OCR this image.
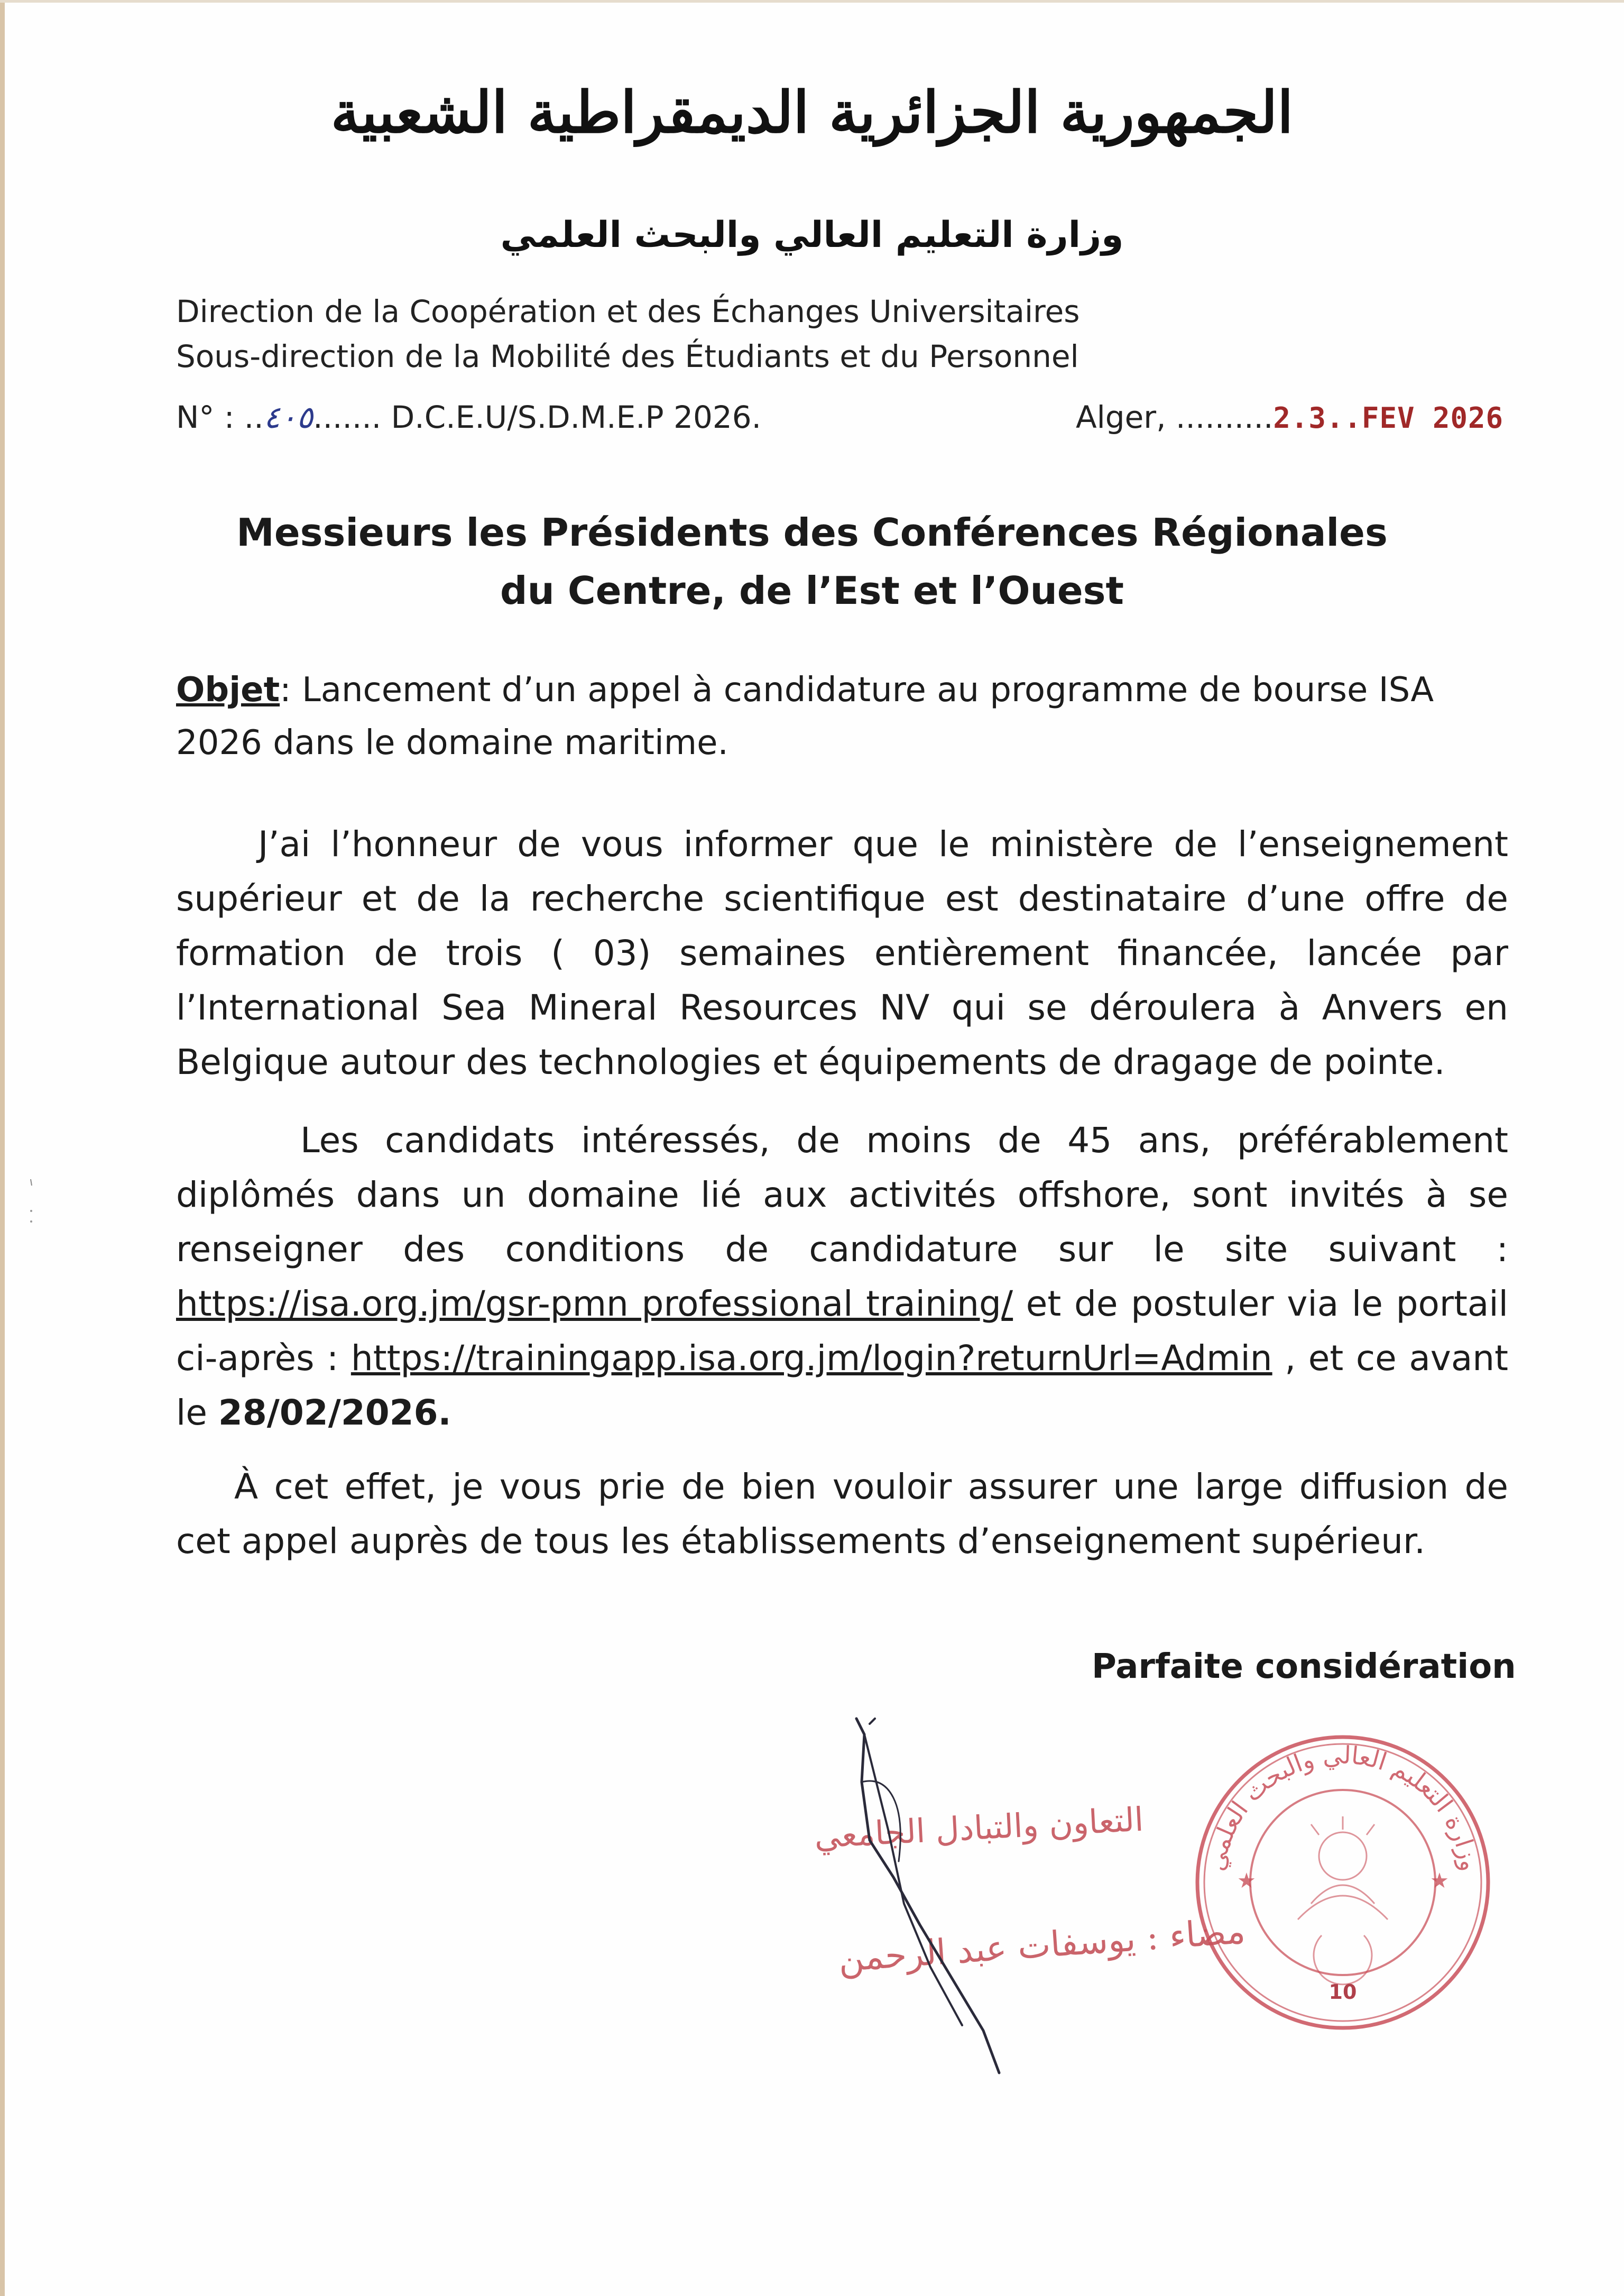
الجمهورية الجزائرية الديمقراطية الشعبية
وزارة التعليم العالي والبحث العلمي
Direction de la Coopération et des Échanges Universitaires
Sous-direction de la Mobilité des Étudiants et du Personnel
N° : ..٤٠٥....... D.C.E.U/S.D.M.E.P 2026.	Alger, ..........2.3..FEV 2026
Messieurs les Présidents des Conférences Régionales
du Centre, de l’Est et l’Ouest
Objet: Lancement d’un appel à candidature au programme de bourse ISA 2026 dans le domaine maritime.
J’ai l’honneur de vous informer que le ministère de l’enseignement supérieur et de la recherche scientifique est destinataire d’une offre de formation de trois ( 03) semaines entièrement financée, lancée par l’International Sea Mineral Resources NV qui se déroulera à Anvers en Belgique autour des technologies et équipements de dragage de pointe.
Les candidats intéressés, de moins de 45 ans, préférablement diplômés dans un domaine lié aux activités offshore, sont invités à se renseigner des conditions de candidature sur le site suivant : https://isa.org.jm/gsr-pmn professional training/ et de postuler via le portail ci-après : https://trainingapp.isa.org.jm/login?returnUrl=Admin , et ce avant le 28/02/2026.
À cet effet, je vous prie de bien vouloir assurer une large diffusion de cet appel auprès de tous les établissements d’enseignement supérieur.
Parfaite considération
التعاون والتبادل الجامعي
مضاء : يوسفات عبد الرحمن
وزارة التعليم العالي والبحث العلمي
★	★
10
